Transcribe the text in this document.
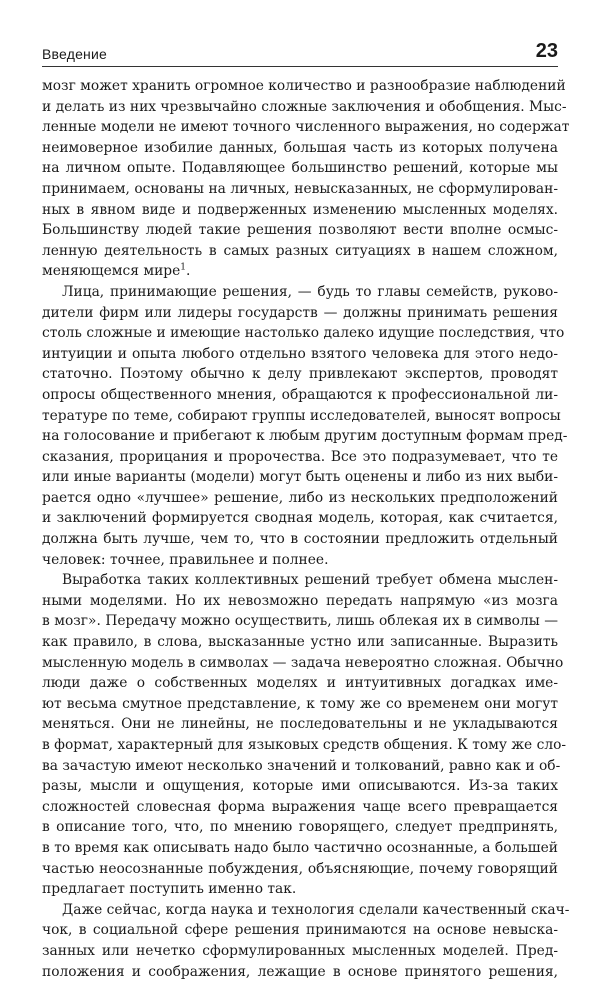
Введение	23

мозг может хранить огромное количество и разнообразие наблюдений
и делать из них чрезвычайно сложные заключения и обобщения. Мыс-
ленные модели не имеют точного численного выражения, но содержат
неимоверное изобилие данных, большая часть из которых получена
на личном опыте. Подавляющее большинство решений, которые мы
принимаем, основаны на личных, невысказанных, не сформулирован-
ных в явном виде и подверженных изменению мысленных моделях.
Большинству людей такие решения позволяют вести вполне осмыс-
ленную деятельность в самых разных ситуациях в нашем сложном,
меняющемся мире$^1$.

Лица, принимающие решения, — будь то главы семейств, руково-
дители фирм или лидеры государств — должны принимать решения
столь сложные и имеющие настолько далеко идущие последствия, что
интуиции и опыта любого отдельно взятого человека для этого недо-
статочно. Поэтому обычно к делу привлекают экспертов, проводят
опросы общественного мнения, обращаются к профессиональной ли-
тературе по теме, собирают группы исследователей, выносят вопросы
на голосование и прибегают к любым другим доступным формам пред-
сказания, прорицания и пророчества. Все это подразумевает, что те
или иные варианты (модели) могут быть оценены и либо из них выби-
рается одно «лучшее» решение, либо из нескольких предположений
и заключений формируется сводная модель, которая, как считается,
должна быть лучше, чем то, что в состоянии предложить отдельный
человек: точнее, правильнее и полнее.

Выработка таких коллективных решений требует обмена мыслен-
ными моделями. Но их невозможно передать напрямую «из мозга
в мозг». Передачу можно осуществить, лишь облекая их в символы —
как правило, в слова, высказанные устно или записанные. Выразить
мысленную модель в символах — задача невероятно сложная. Обычно
люди даже о собственных моделях и интуитивных догадках име-
ют весьма смутное представление, к тому же со временем они могут
меняться. Они не линейны, не последовательны и не укладываются
в формат, характерный для языковых средств общения. К тому же сло-
ва зачастую имеют несколько значений и толкований, равно как и об-
разы, мысли и ощущения, которые ими описываются. Из-за таких
сложностей словесная форма выражения чаще всего превращается
в описание того, что, по мнению говорящего, следует предпринять,
в то время как описывать надо было частично осознанные, а большей
частью неосознанные побуждения, объясняющие, почему говорящий
предлагает поступить именно так.

Даже сейчас, когда наука и технология сделали качественный скач-
чок, в социальной сфере решения принимаются на основе невыска-
занных или нечетко сформулированных мысленных моделей. Пред-
положения и соображения, лежащие в основе принятого решения,
